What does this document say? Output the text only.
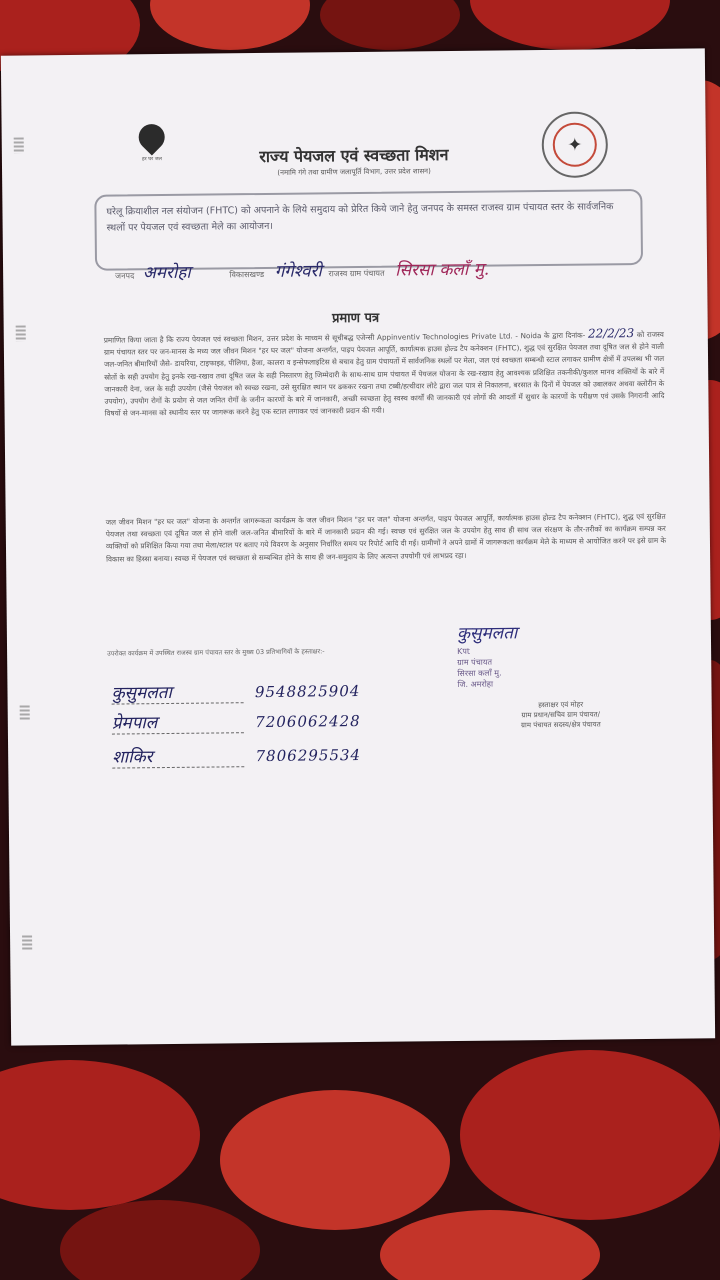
हर घर जल
✦
राज्य पेयजल एवं स्वच्छता मिशन
(नमामि गंगे तथा ग्रामीण जलापूर्ति विभाग, उत्तर प्रदेश शासन)
घरेलू क्रियाशील नल संयोजन (FHTC) को अपनाने के लिये समुदाय को प्रेरित किये जाने हेतु जनपद के समस्त राजस्व ग्राम पंचायत स्तर के सार्वजनिक स्थलों पर पेयजल एवं स्वच्छता मेले का आयोजन।
जनपद अमरोहा	विकासखण्ड गंगेश्वरी राजस्व ग्राम पंचायत सिरसा कलाँ मु.
प्रमाण पत्र
प्रमाणित किया जाता है कि राज्य पेयजल एवं स्वच्छता मिशन, उत्तर प्रदेश के माध्यम से सूचीबद्ध एजेन्सी Appinventiv Technologies Private Ltd. - Noida के द्वारा दिनांक- 22/2/23 को राजस्व ग्राम पंचायत स्तर पर जन-मानस के मध्य जल जीवन मिशन "हर घर जल" योजना अन्तर्गत, पाइप पेयजल आपूर्ति, कार्यात्मक हाउस होल्ड टैप कनेक्शन (FHTC), शुद्ध एवं सुरक्षित पेयजल तथा दूषित जल से होने वाली जल-जनित बीमारियों जैसे- डायरिया, टाइफाइड, पीलिया, हैजा, कालरा व इन्सेफलाइटिस से बचाव हेतु ग्राम पंचायतों में सार्वजनिक स्थलों पर मेला, जल एवं स्वच्छता सम्बन्धी स्टाल लगाकर ग्रामीण क्षेत्रों में उपलब्ध भी जल स्रोतों के सही उपयोग हेतु इनके रख-रखाव तथा दूषित जल के सही निस्तारण हेतु जिम्मेदारी के साथ-साथ ग्राम पंचायत में पेयजल योजना के रख-रखाव हेतु आवश्यक प्रशिक्षित तकनीकी/कुशल मानव शक्तियों के बारे में जानकारी देना, जल के सही उपयोग (जैसे पेयजल को स्वच्छ रखना, उसे सुरक्षित स्थान पर ढककर रखना तथा टब्बी/हत्थीदार लोटे द्वारा जल पात्र से निकालना, बरसात के दिनों में पेयजल को उबालकर अथवा क्लोरीन के उपयोग), उपयोग रोगों के प्रयोग से जल जनित रोगों के जनीन कारणों के बारे में जानकारी, अच्छी स्वच्छता हेतु स्वस्थ कार्यों की जानकारी एवं लोगों की आदतों में सुधार के कारणों के परीक्षण एवं उसके निगरानी आदि विषयों से जन-मानस को स्थानीय स्तर पर जागरूक करने हेतु एक स्टाल लगाकर एवं जानकारी प्रदान की गयी।
जल जीवन मिशन "हर घर जल" योजना के अन्तर्गत जागरूकता कार्यक्रम के जल जीवन मिशन "हर घर जल" योजना अन्तर्गत, पाइप पेयजल आपूर्ति, कार्यात्मक हाउस होल्ड टैप कनेक्शन (FHTC), शुद्ध एवं सुरक्षित पेयजल तथा स्वच्छता एवं दूषित जल से होने वाली जल-जनित बीमारियों के बारे में जानकारी प्रदान की गई। स्वच्छ एवं सुरक्षित जल के उपयोग हेतु साथ ही साथ जल संरक्षण के तौर-तरीकों का कार्यक्रम सम्पन्न कर व्यक्तियों को प्रशिक्षित किया गया तथा मेला/स्टाल पर बताए गये विवरण के अनुसार निर्धारित समय पर रिपोर्ट आदि दी गई। ग्रामीणों ने अपने ग्रामों में जागरूकता कार्यक्रम मेले के माध्यम से आयोजित करने पर इसे ग्राम के विकास का हिस्सा बनाया। स्वच्छ में पेयजल एवं स्वच्छता से सम्बन्धित होने के साथ ही जन-समुदाय के लिए अत्यन्त उपयोगी एवं लाभप्रद रहा।
उपरोक्त कार्यक्रम में उपस्थित राजस्व ग्राम पंचायत स्तर के मुख्य 03 प्रतिभागियों के हस्ताक्षर:-
कुसुमलता	9548825904
प्रेमपाल	7206062428
शाकिर	7806295534
कुसुमलता
Kपt
ग्राम पंचायत
सिरसा कलाँ मु.
जि. अमरोहा
हस्ताक्षर एवं मोहर
ग्राम प्रधान/सचिव ग्राम पंचायत/
ग्राम पंचायत सदस्य/क्षेत्र पंचायत
